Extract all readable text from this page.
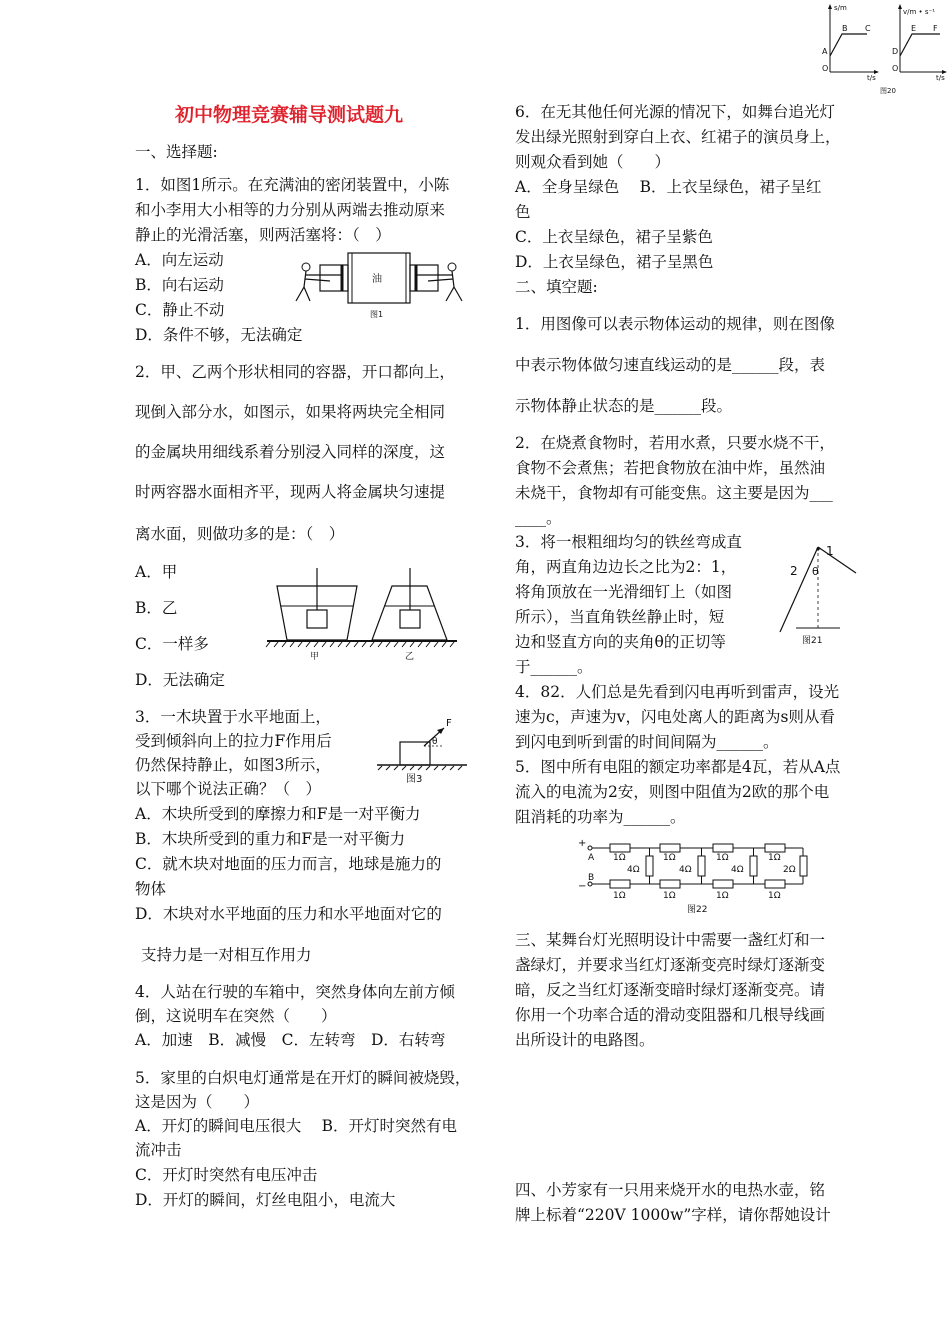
初中物理竞赛辅导测试题九

一、选择题:

1．如图1所示。在充满油的密闭装置中，小陈

和小李用大小相等的力分别从两端去推动原来

静止的光滑活塞，则两活塞将：（　）

A．向左运动

B．向右运动

C．静止不动

D．条件不够，无法确定

2．甲、乙两个形状相同的容器，开口都向上，

现倒入部分水，如图示，如果将两块完全相同

的金属块用细线系着分别浸入同样的深度，这

时两容器水面相齐平，现两人将金属块匀速提

离水面，则做功多的是：（　）

A．甲

B．乙

C．一样多

D．无法确定

3．一木块置于水平地面上，

受到倾斜向上的拉力F作用后

仍然保持静止，如图3所示，

以下哪个说法正确？（　）

A．木块所受到的摩擦力和F是一对平衡力

B．木块所受到的重力和F是一对平衡力

C．就木块对地面的压力而言，地球是施力的

物体

D．木块对水平地面的压力和水平地面对它的

支持力是一对相互作用力

4．人站在行驶的车箱中，突然身体向左前方倾

倒，这说明车在突然（　　）

A．加速　B．减慢　C．左转弯　D．右转弯

5．家里的白炽电灯通常是在开灯的瞬间被烧毁，

这是因为（　　）

A．开灯的瞬间电压很大　 B．开灯时突然有电

流冲击

C．开灯时突然有电压冲击

D．开灯的瞬间，灯丝电阻小，电流大

油
图1
甲	乙
F
θ
图3
s/m
t/s
A
B C
O
v/m • s⁻¹
t/s
D
E F
O
图20

6．在无其他任何光源的情况下，如舞台追光灯

发出绿光照射到穿白上衣、红裙子的演员身上，

则观众看到她（　　）

A．全身呈绿色　 B．上衣呈绿色，裙子呈红

色

C．上衣呈绿色，裙子呈紫色

D．上衣呈绿色，裙子呈黑色

二、填空题:

1．用图像可以表示物体运动的规律，则在图像

中表示物体做匀速直线运动的是______段，表

示物体静止状态的是______段。

2．在烧煮食物时，若用水煮，只要水烧不干，

食物不会煮焦；若把食物放在油中炸，虽然油

未烧干，食物却有可能变焦。这主要是因为___

____。

3．将一根粗细均匀的铁丝弯成直

角，两直角边边长之比为2：1，

将角顶放在一光滑细钉上（如图

所示），当直角铁丝静止时，短

边和竖直方向的夹角θ的正切等

于______。

4．82．人们总是先看到闪电再听到雷声，设光

速为c，声速为v，闪电处离人的距离为s则从看

到闪电到听到雷的时间间隔为______。

5．图中所有电阻的额定功率都是4瓦，若从A点

流入的电流为2安，则图中阻值为2欧的那个电

阻消耗的功率为______。

三、某舞台灯光照明设计中需要一盏红灯和一

盏绿灯，并要求当红灯逐渐变亮时绿灯逐渐变

暗，反之当红灯逐渐变暗时绿灯逐渐变亮。请

你用一个功率合适的滑动变阻器和几根导线画

出所设计的电路图。

四、小芳家有一只用来烧开水的电热水壶，铭

牌上标着“220V 1000w”字样，请你帮她设计

2
1
θ
图21
+
−
A
B
1Ω	1Ω	1Ω	1Ω
4Ω	4Ω	4Ω	2Ω
1Ω	1Ω	1Ω	1Ω
图22
